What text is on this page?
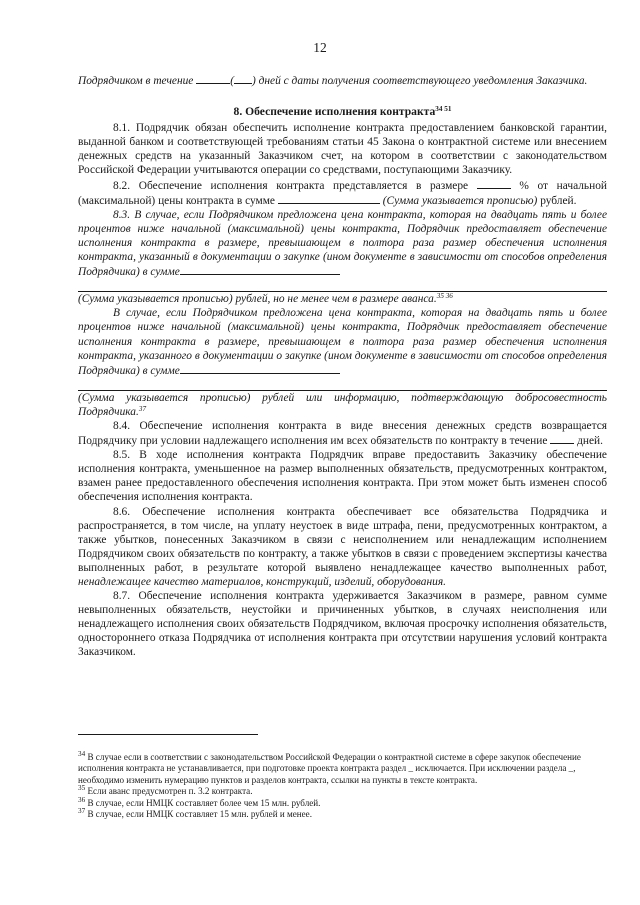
12

Подрядчиком в течение	( ) дней с даты получения соответствующего уведомления Заказчика.

8. Обеспечение исполнения контракта$^{34 51}$

8.1. Подрядчик обязан обеспечить исполнение контракта предоставлением банковской гарантии, выданной банком и соответствующей требованиям статьи 45 Закона о контрактной системе или внесением денежных средств на указанный Заказчиком счет, на котором в соответствии с законодательством Российской Федерации учитываются операции со средствами, поступающими Заказчику.

8.2. Обеспечение исполнения контракта представляется в размере	% от начальной (максимальной) цены контракта в сумме	(Сумма указывается прописью) рублей.

8.3. В случае, если Подрядчиком предложена цена контракта, которая на двадцать пять и более процентов ниже начальной (максимальной) цены контракта, Подрядчик предоставляет обеспечение исполнения контракта в размере, превышающем в полтора раза размер обеспечения исполнения контракта, указанный в документации о закупке (ином документе в зависимости от способов определения Подрядчика) в сумме

(Сумма указывается прописью) рублей, но не менее чем в размере аванса.$^{35 36}$

В случае, если Подрядчиком предложена цена контракта, которая на двадцать пять и более процентов ниже начальной (максимальной) цены контракта, Подрядчик предоставляет обеспечение исполнения контракта в размере, превышающем в полтора раза размер обеспечения исполнения контракта, указанного в документации о закупке (ином документе в зависимости от способов определения Подрядчика) в сумме

(Сумма указывается прописью) рублей или информацию, подтверждающую добросовестность Подрядчика.$^{37}$

8.4. Обеспечение исполнения контракта в виде внесения денежных средств возвращается Подрядчику при условии надлежащего исполнения им всех обязательств по контракту в течение  дней.

8.5. В ходе исполнения контракта Подрядчик вправе предоставить Заказчику обеспечение исполнения контракта, уменьшенное на размер выполненных обязательств, предусмотренных контрактом, взамен ранее предоставленного обеспечения исполнения контракта. При этом может быть изменен способ обеспечения исполнения контракта.

8.6. Обеспечение исполнения контракта обеспечивает все обязательства Подрядчика и распространяется, в том числе, на уплату неустоек в виде штрафа, пени, предусмотренных контрактом, а также убытков, понесенных Заказчиком в связи с неисполнением или ненадлежащим исполнением Подрядчиком своих обязательств по контракту, а также убытков в связи с проведением экспертизы качества выполненных работ, в результате которой выявлено ненадлежащее качество выполненных работ, ненадлежащее качество материалов, конструкций, изделий, оборудования.

8.7. Обеспечение исполнения контракта удерживается Заказчиком в размере, равном сумме невыполненных обязательств, неустойки и причиненных убытков, в случаях неисполнения или ненадлежащего исполнения своих обязательств Подрядчиком, включая просрочку исполнения обязательств, одностороннего отказа Подрядчика от исполнения контракта при отсутствии нарушения условий контракта Заказчиком.

$^{34}$ В случае если в соответствии с законодательством Российской Федерации о контрактной системе в сфере закупок обеспечение исполнения контракта не устанавливается, при подготовке проекта контракта раздел _ исключается. При исключении раздела _, необходимо изменить нумерацию пунктов и разделов контракта, ссылки на пункты в тексте контракта.

$^{35}$ Если аванс предусмотрен п. 3.2 контракта.

$^{36}$ В случае, если НМЦК составляет более чем 15 млн. рублей.

$^{37}$ В случае, если НМЦК составляет 15 млн. рублей и менее.
